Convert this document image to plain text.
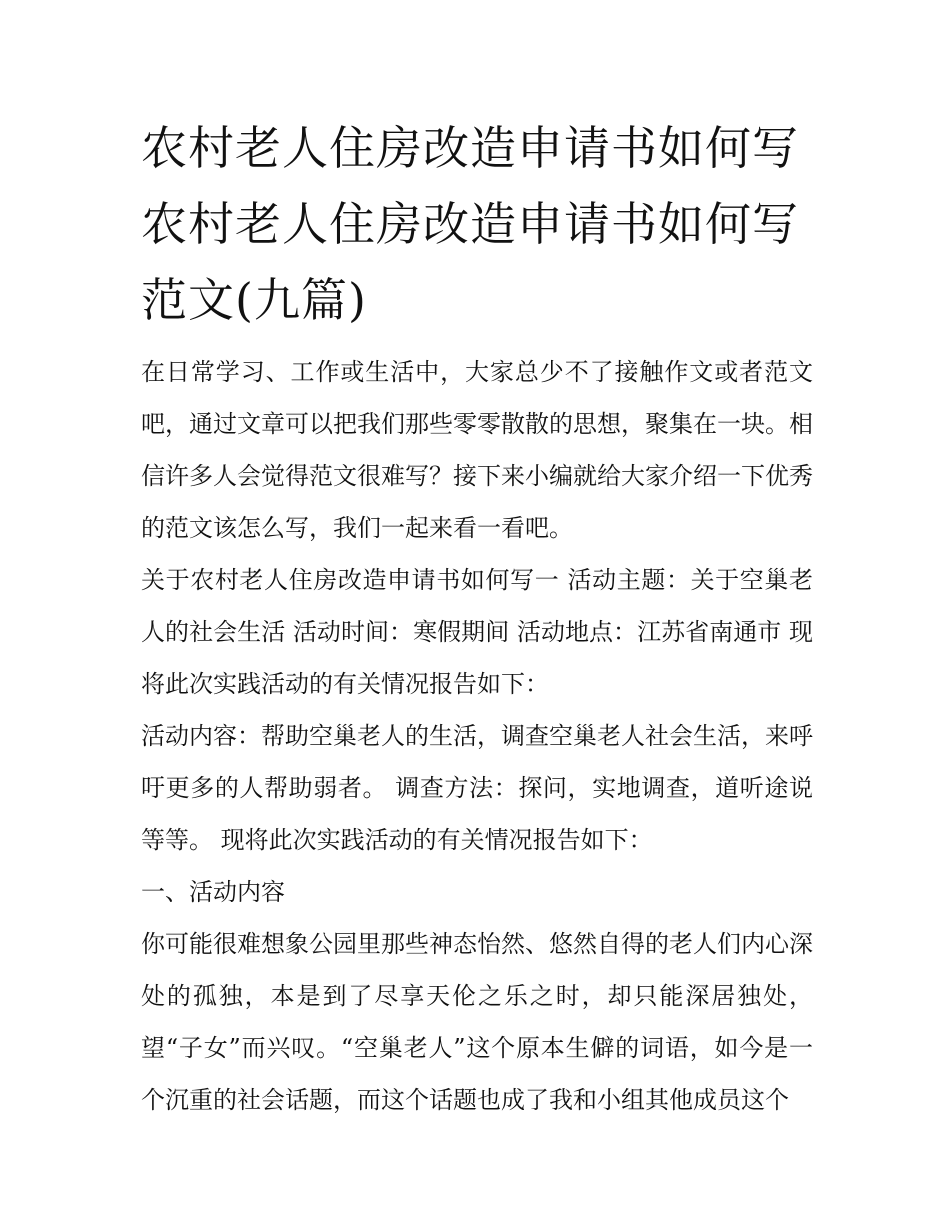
农村老人住房改造申请书如何写 农村老人住房改造申请书如何写范文(九篇)

在日常学习、工作或生活中，大家总少不了接触作文或者范文吧，通过文章可以把我们那些零零散散的思想，聚集在一块。相信许多人会觉得范文很难写？接下来小编就给大家介绍一下优秀的范文该怎么写，我们一起来看一看吧。

关于农村老人住房改造申请书如何写一 活动主题：关于空巢老人的社会生活 活动时间：寒假期间 活动地点：江苏省南通市 现将此次实践活动的有关情况报告如下：

活动内容：帮助空巢老人的生活，调查空巢老人社会生活，来呼吁更多的人帮助弱者。 调查方法：探问，实地调查，道听途说等等。 现将此次实践活动的有关情况报告如下：

一、活动内容

你可能很难想象公园里那些神态怡然、悠然自得的老人们内心深处的孤独，本是到了尽享天伦之乐之时，却只能深居独处，望“子女”而兴叹。“空巢老人”这个原本生僻的词语，如今是一个沉重的社会话题，而这个话题也成了我和小组其他成员这个
